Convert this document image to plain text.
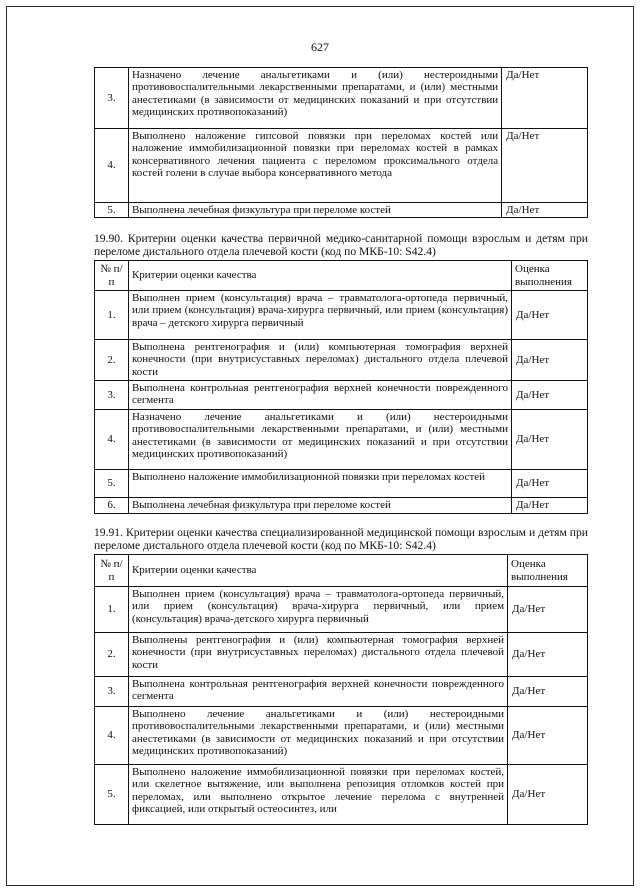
627
3.	Назначено лечение анальгетиками и (или) нестероидными противовоспалительными лекарственными препаратами, и (или) местными анестетиками (в зависимости от медицинских показаний и при отсутствии медицинских противопоказаний)	Да/Нет
4.	Выполнено наложение гипсовой повязки при переломах костей или наложение иммобилизационной повязки при переломах костей в рамках консервативного лечения пациента с переломом проксимального отдела костей голени в случае выбора консервативного метода	Да/Нет
5.	Выполнена лечебная физкультура при переломе костей	Да/Нет
19.90. Критерии оценки качества первичной медико-санитарной помощи взрослым и детям при переломе дистального отдела плечевой кости (код по МКБ-10: S42.4)
№ п/п	Критерии оценки качества	Оценка выполнения
1.	Выполнен прием (консультация) врача – травматолога-ортопеда первичный, или прием (консультация) врача-хирурга первичный, или прием (консультация) врача – детского хирурга первичный	Да/Нет
2.	Выполнена рентгенография и (или) компьютерная томография верхней конечности (при внутрисуставных переломах) дистального отдела плечевой кости	Да/Нет
3.	Выполнена контрольная рентгенография верхней конечности поврежденного сегмента	Да/Нет
4.	Назначено лечение анальгетиками и (или) нестероидными противовоспалительными лекарственными препаратами, и (или) местными анестетиками (в зависимости от медицинских показаний и при отсутствии медицинских противопоказаний)	Да/Нет
5.	Выполнено наложение иммобилизационной повязки при переломах костей	Да/Нет
6.	Выполнена лечебная физкультура при переломе костей	Да/Нет
19.91. Критерии оценки качества специализированной медицинской помощи взрослым и детям при переломе дистального отдела плечевой кости (код по МКБ-10: S42.4)
№ п/п	Критерии оценки качества	Оценка выполнения
1.	Выполнен прием (консультация) врача – травматолога-ортопеда первичный, или прием (консультация) врача-хирурга первичный, или прием (консультация) врача-детского хирурга первичный	Да/Нет
2.	Выполнены рентгенография и (или) компьютерная томография верхней конечности (при внутрисуставных переломах) дистального отдела плечевой кости	Да/Нет
3.	Выполнена контрольная рентгенография верхней конечности поврежденного сегмента	Да/Нет
4.	Выполнено лечение анальгетиками и (или) нестероидными противовоспалительными лекарственными препаратами, и (или) местными анестетиками (в зависимости от медицинских показаний и при отсутствии медицинских противопоказаний)	Да/Нет
5.	Выполнено наложение иммобилизационной повязки при переломах костей, или скелетное вытяжение, или выполнена репозиция отломков костей при переломах, или выполнено открытое лечение перелома с внутренней фиксацией, или открытый остеосинтез, или	Да/Нет
